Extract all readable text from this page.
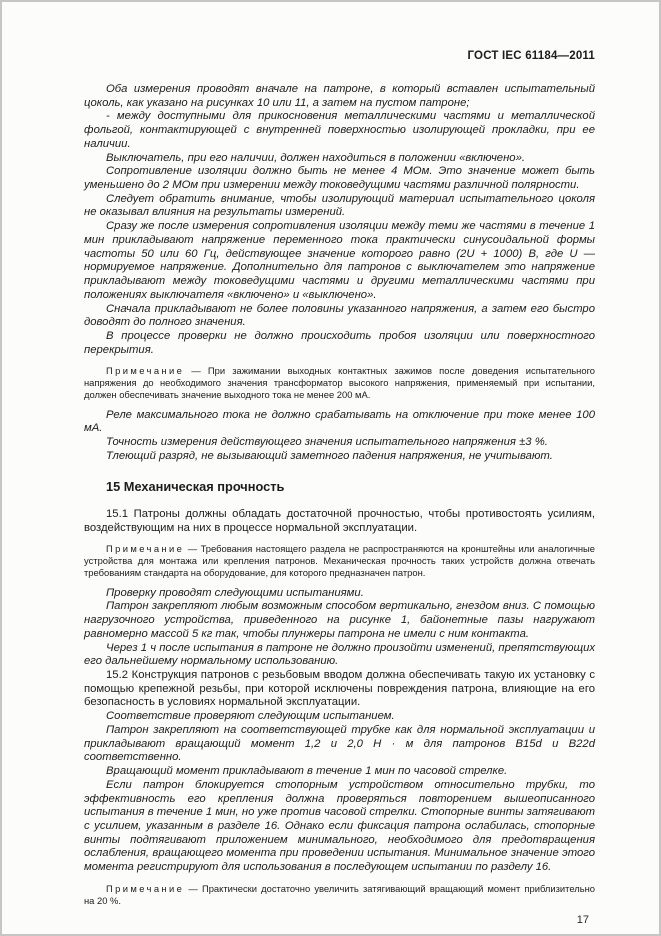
ГОСТ IEC 61184—2011

Оба измерения проводят вначале на патроне, в который вставлен испытательный цоколь, как указано на рисунках 10 или 11, а затем на пустом патроне;

- между доступными для прикосновения металлическими частями и металлической фольгой, контактирующей с внутренней поверхностью изолирующей прокладки, при ее наличии.

Выключатель, при его наличии, должен находиться в положении «включено».

Сопротивление изоляции должно быть не менее 4 МОм. Это значение может быть уменьшено до 2 МОм при измерении между токоведущими частями различной полярности.

Следует обратить внимание, чтобы изолирующий материал испытательного цоколя не оказывал влияния на результаты измерений.

Сразу же после измерения сопротивления изоляции между теми же частями в течение 1 мин прикладывают напряжение переменного тока практически синусоидальной формы частоты 50 или 60 Гц, действующее значение которого равно (2U + 1000) В, где U — нормируемое напряжение. Дополнительно для патронов с выключателем это напряжение прикладывают между токоведущими частями и другими металлическими частями при положениях выключателя «включено» и «выключено».

Сначала прикладывают не более половины указанного напряжения, а затем его быстро доводят до полного значения.

В процессе проверки не должно происходить пробоя изоляции или поверхностного перекрытия.

Примечание — При зажимании выходных контактных зажимов после доведения испытательного напряжения до необходимого значения трансформатор высокого напряжения, применяемый при испытании, должен обеспечивать значение выходного тока не менее 200 мА.

Реле максимального тока не должно срабатывать на отключение при токе менее 100 мА.

Точность измерения действующего значения испытательного напряжения ±3 %.

Тлеющий разряд, не вызывающий заметного падения напряжения, не учитывают.

15 Механическая прочность

15.1 Патроны должны обладать достаточной прочностью, чтобы противостоять усилиям, воздействующим на них в процессе нормальной эксплуатации.

Примечание — Требования настоящего раздела не распространяются на кронштейны или аналогичные устройства для монтажа или крепления патронов. Механическая прочность таких устройств должна отвечать требованиям стандарта на оборудование, для которого предназначен патрон.

Проверку проводят следующими испытаниями.

Патрон закрепляют любым возможным способом вертикально, гнездом вниз. С помощью нагрузочного устройства, приведенного на рисунке 1, байонетные пазы нагружают равномерно массой 5 кг так, чтобы плунжеры патрона не имели с ним контакта.

Через 1 ч после испытания в патроне не должно произойти изменений, препятствующих его дальнейшему нормальному использованию.

15.2 Конструкция патронов с резьбовым вводом должна обеспечивать такую их установку с помощью крепежной резьбы, при которой исключены повреждения патрона, влияющие на его безопасность в условиях нормальной эксплуатации.

Соответствие проверяют следующим испытанием.

Патрон закрепляют на соответствующей трубке как для нормальной эксплуатации и прикладывают вращающий момент 1,2 и 2,0 Н · м для патронов B15d и B22d соответственно.

Вращающий момент прикладывают в течение 1 мин по часовой стрелке.

Если патрон блокируется стопорным устройством относительно трубки, то эффективность его крепления должна проверяться повторением вышеописанного испытания в течение 1 мин, но уже против часовой стрелки. Стопорные винты затягивают с усилием, указанным в разделе 16. Однако если фиксация патрона ослабилась, стопорные винты подтягивают приложением минимального, необходимого для предотвращения ослабления, вращающего момента при проведении испытания. Минимальное значение этого момента регистрируют для использования в последующем испытании по разделу 16.

Примечание — Практически достаточно увеличить затягивающий вращающий момент приблизительно на 20 %.

17
